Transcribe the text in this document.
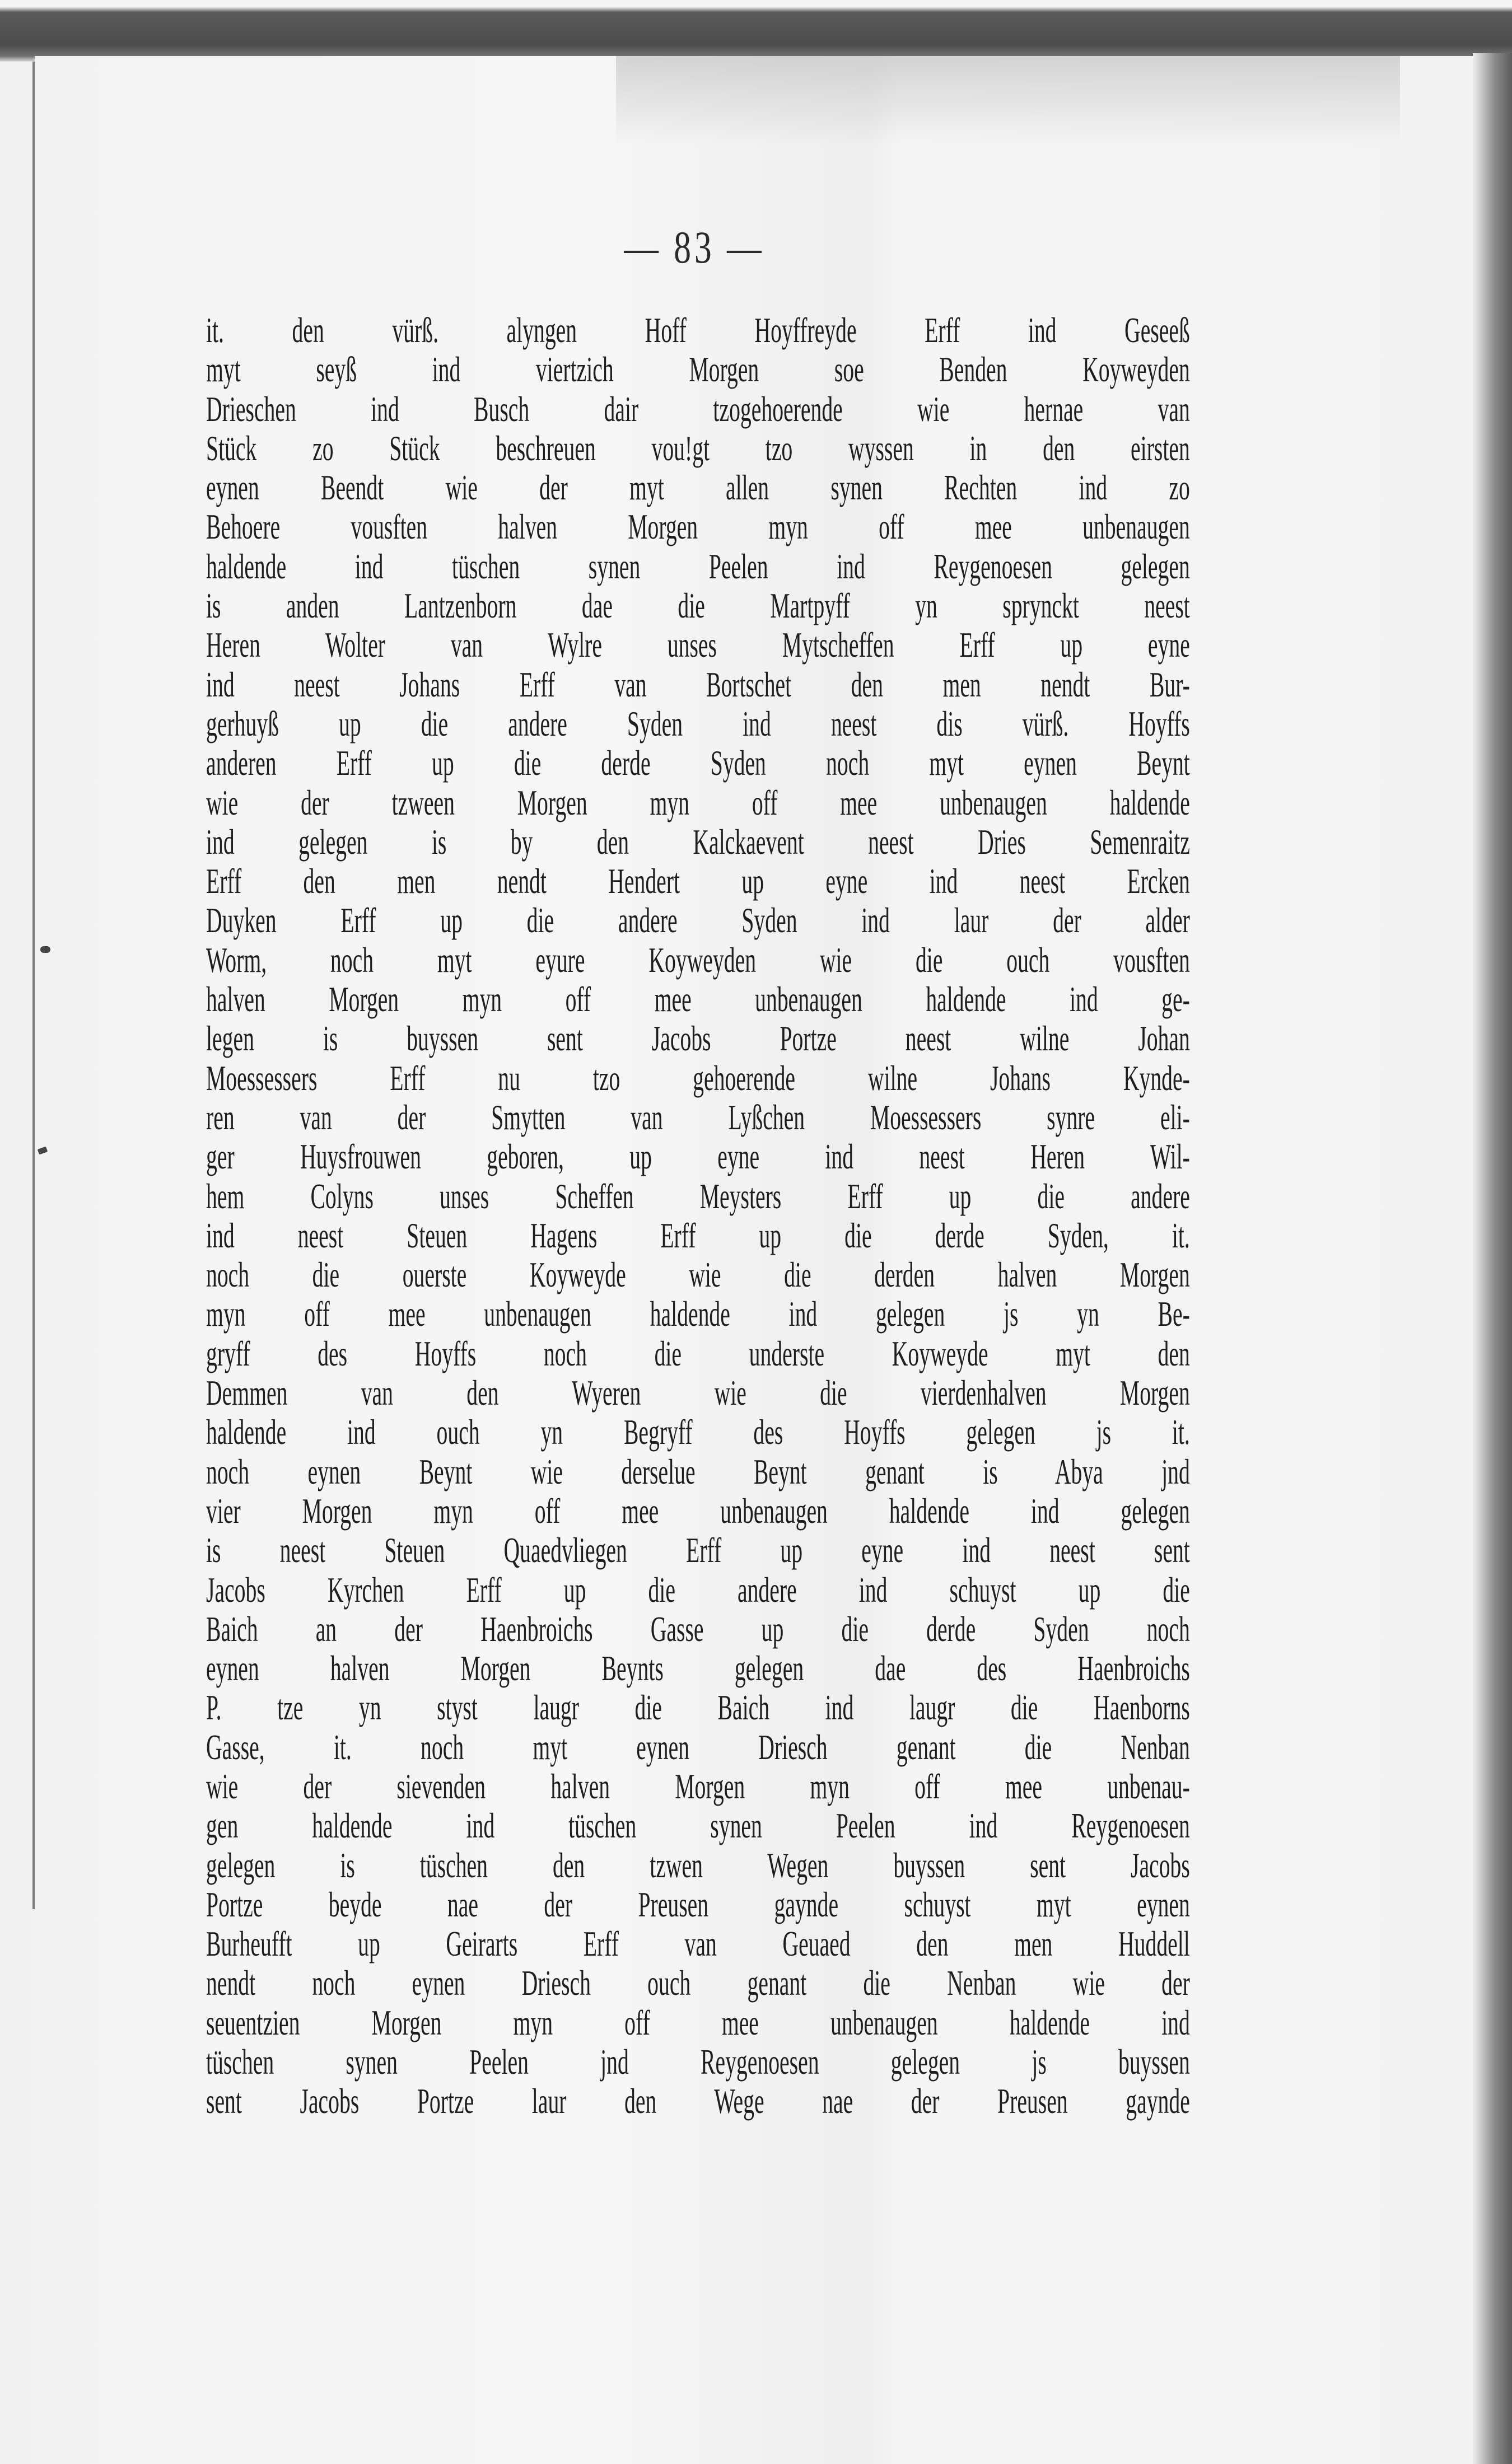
— 83 —
it. den vürß. alyngen Hoff Hoyffreyde Erff ind Geseeß
myt seyß ind viertzich Morgen soe Benden Koyweyden
Drieschen ind Busch dair tzogehoerende wie hernae van
Stück zo Stück beschreuen vou!gt tzo wyssen in den eirsten
eynen Beendt wie der myt allen synen Rechten ind zo
Behoere vousften halven Morgen myn off mee unbenaugen
haldende ind tüschen synen Peelen ind Reygenoesen gelegen
is anden Lantzenborn dae die Martpyff yn sprynckt neest
Heren Wolter van Wylre unses Mytscheffen Erff up eyne
ind neest Johans Erff van Bortschet den men nendt Bur-
gerhuyß up die andere Syden ind neest dis vürß. Hoyffs
anderen Erff up die derde Syden noch myt eynen Beynt
wie der tzween Morgen myn off mee unbenaugen haldende
ind gelegen is by den Kalckaevent neest Dries Semenraitz
Erff den men nendt Hendert up eyne ind neest Ercken
Duyken Erff up die andere Syden ind laur der alder
Worm, noch myt eyure Koyweyden wie die ouch vousften
halven Morgen myn off mee unbenaugen haldende ind ge-
legen is buyssen sent Jacobs Portze neest wilne Johan
Moessessers Erff nu tzo gehoerende wilne Johans Kynde-
ren van der Smytten van Lyßchen Moessessers synre eli-
ger Huysfrouwen geboren, up eyne ind neest Heren Wil-
hem Colyns unses Scheffen Meysters Erff up die andere
ind neest Steuen Hagens Erff up die derde Syden, it.
noch die ouerste Koyweyde wie die derden halven Morgen
myn off mee unbenaugen haldende ind gelegen js yn Be-
gryff des Hoyffs noch die underste Koyweyde myt den
Demmen van den Wyeren wie die vierdenhalven Morgen
haldende ind ouch yn Begryff des Hoyffs gelegen js it.
noch eynen Beynt wie derselue Beynt genant is Abya jnd
vier Morgen myn off mee unbenaugen haldende ind gelegen
is neest Steuen Quaedvliegen Erff up eyne ind neest sent
Jacobs Kyrchen Erff up die andere ind schuyst up die
Baich an der Haenbroichs Gasse up die derde Syden noch
eynen halven Morgen Beynts gelegen dae des Haenbroichs
P. tze yn styst laugr die Baich ind laugr die Haenborns
Gasse, it. noch myt eynen Driesch genant die Nenban
wie der sievenden halven Morgen myn off mee unbenau-
gen haldende ind tüschen synen Peelen ind Reygenoesen
gelegen is tüschen den tzwen Wegen buyssen sent Jacobs
Portze beyde nae der Preusen gaynde schuyst myt eynen
Burheufft up Geirarts Erff van Geuaed den men Huddell
nendt noch eynen Driesch ouch genant die Nenban wie der
seuentzien Morgen myn off mee unbenaugen haldende ind
tüschen synen Peelen jnd Reygenoesen gelegen js buyssen
sent Jacobs Portze laur den Wege nae der Preusen gaynde
